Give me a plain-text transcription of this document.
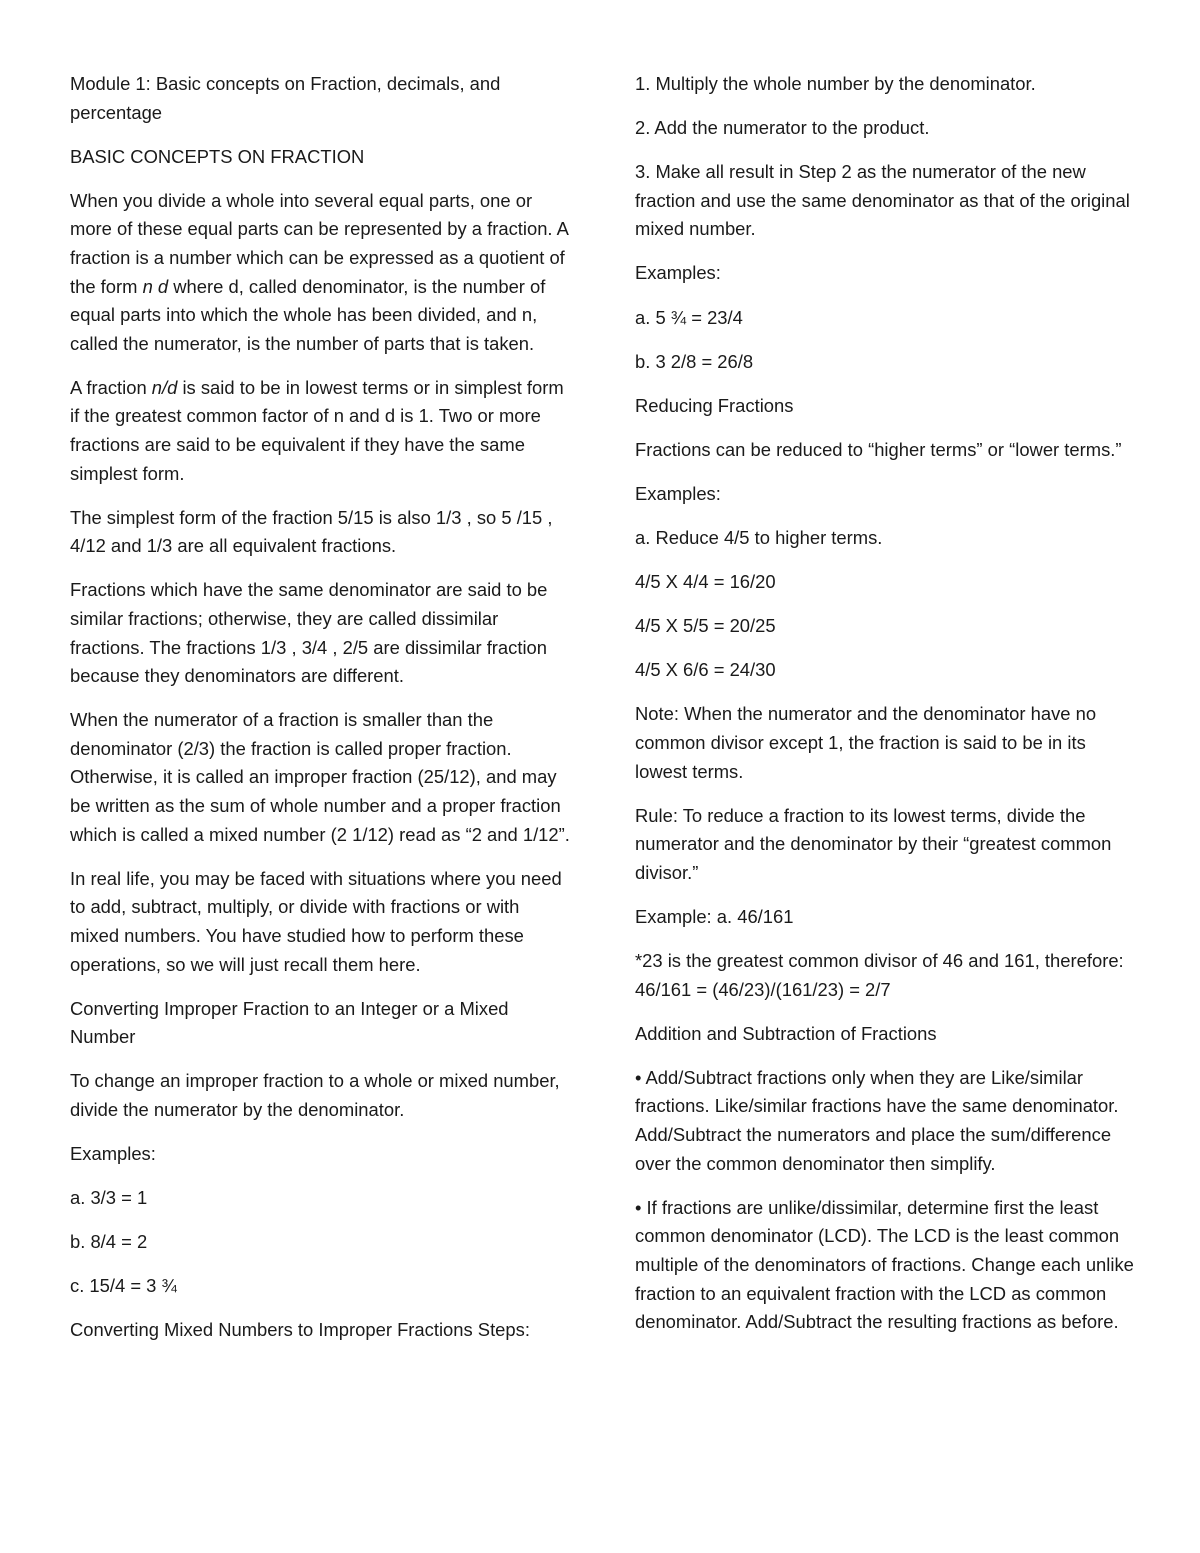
Module 1: Basic concepts on Fraction, decimals, and percentage

BASIC CONCEPTS ON FRACTION

When you divide a whole into several equal parts, one or more of these equal parts can be represented by a fraction. A fraction is a number which can be expressed as a quotient of the form n d where d, called denominator, is the number of equal parts into which the whole has been divided, and n, called the numerator, is the number of parts that is taken.

A fraction n/d is said to be in lowest terms or in simplest form if the greatest common factor of n and d is 1. Two or more fractions are said to be equivalent if they have the same simplest form.

The simplest form of the fraction 5/15 is also 1/3 , so 5 /15 , 4/12 and 1/3 are all equivalent fractions.

Fractions which have the same denominator are said to be similar fractions; otherwise, they are called dissimilar fractions. The fractions 1/3 , 3/4 , 2/5 are dissimilar fraction because they denominators are different.

When the numerator of a fraction is smaller than the denominator (2/3) the fraction is called proper fraction. Otherwise, it is called an improper fraction (25/12), and may be written as the sum of whole number and a proper fraction which is called a mixed number (2 1/12) read as “2 and 1/12”.

In real life, you may be faced with situations where you need to add, subtract, multiply, or divide with fractions or with mixed numbers. You have studied how to perform these operations, so we will just recall them here.

Converting Improper Fraction to an Integer or a Mixed Number

To change an improper fraction to a whole or mixed number, divide the numerator by the denominator.

Examples:

a. 3/3 = 1

b. 8/4 = 2

c. 15/4 = 3 ¾

Converting Mixed Numbers to Improper Fractions Steps:

1. Multiply the whole number by the denominator.

2. Add the numerator to the product.

3. Make all result in Step 2 as the numerator of the new fraction and use the same denominator as that of the original mixed number.

Examples:

a. 5 ¾ = 23/4

b. 3 2/8 = 26/8

Reducing Fractions

Fractions can be reduced to “higher terms” or “lower terms.”

Examples:

a. Reduce 4/5 to higher terms.

4/5 X 4/4 = 16/20

4/5 X 5/5 = 20/25

4/5 X 6/6 = 24/30

Note: When the numerator and the denominator have no common divisor except 1, the fraction is said to be in its lowest terms.

Rule: To reduce a fraction to its lowest terms, divide the numerator and the denominator by their “greatest common divisor.”

Example: a. 46/161

*23 is the greatest common divisor of 46 and 161, therefore: 46/161 = (46/23)/(161/23) = 2/7

Addition and Subtraction of Fractions

• Add/Subtract fractions only when they are Like/similar fractions. Like/similar fractions have the same denominator. Add/Subtract the numerators and place the sum/difference over the common denominator then simplify.

• If fractions are unlike/dissimilar, determine first the least common denominator (LCD). The LCD is the least common multiple of the denominators of fractions. Change each unlike fraction to an equivalent fraction with the LCD as common denominator. Add/Subtract the resulting fractions as before.
